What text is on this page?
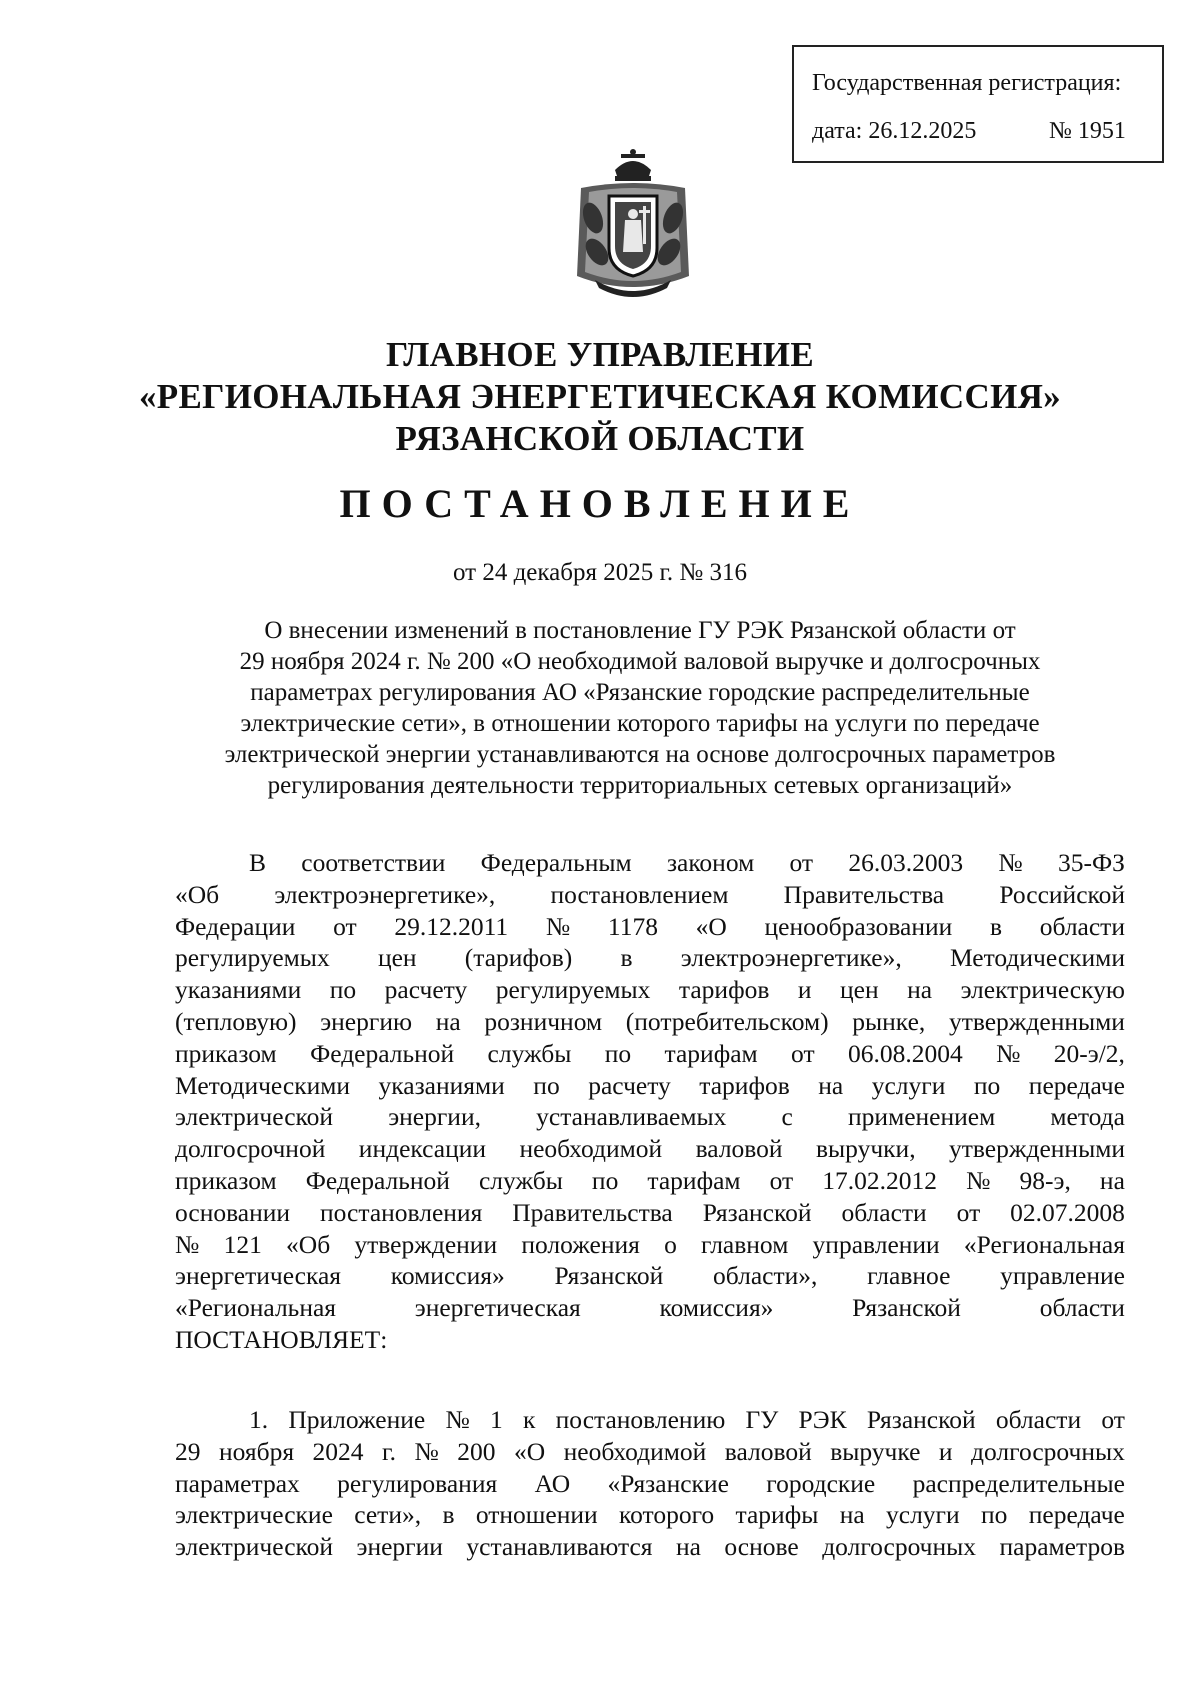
Государственная регистрация:
дата: 26.12.2025	№ 1951
ГЛАВНОЕ УПРАВЛЕНИЕ
«РЕГИОНАЛЬНАЯ ЭНЕРГЕТИЧЕСКАЯ КОМИССИЯ»
РЯЗАНСКОЙ ОБЛАСТИ
ПОСТАНОВЛЕНИЕ
от 24 декабря 2025 г. № 316
О внесении изменений в постановление ГУ РЭК Рязанской области от
29 ноября 2024 г. № 200 «О необходимой валовой выручке и долгосрочных
параметрах регулирования АО «Рязанские городские распределительные
электрические сети», в отношении которого тарифы на услуги по передаче
электрической энергии устанавливаются на основе долгосрочных параметров
регулирования деятельности территориальных сетевых организаций»
В соответствии Федеральным законом от 26.03.2003 № 35-ФЗ
«Об электроэнергетике», постановлением Правительства Российской
Федерации от 29.12.2011 № 1178 «О ценообразовании в области
регулируемых цен (тарифов) в электроэнергетике», Методическими
указаниями по расчету регулируемых тарифов и цен на электрическую
(тепловую) энергию на розничном (потребительском) рынке, утвержденными
приказом Федеральной службы по тарифам от 06.08.2004 № 20-э/2,
Методическими указаниями по расчету тарифов на услуги по передаче
электрической энергии, устанавливаемых с применением метода
долгосрочной индексации необходимой валовой выручки, утвержденными
приказом Федеральной службы по тарифам от 17.02.2012 № 98-э, на
основании постановления Правительства Рязанской области от 02.07.2008
№ 121 «Об утверждении положения о главном управлении «Региональная
энергетическая комиссия» Рязанской области», главное управление
«Региональная	энергетическая	комиссия»	Рязанской	области
ПОСТАНОВЛЯЕТ:
1. Приложение № 1 к постановлению ГУ РЭК Рязанской области от
29 ноября 2024 г. № 200 «О необходимой валовой выручке и долгосрочных
параметрах регулирования АО «Рязанские городские распределительные
электрические сети», в отношении которого тарифы на услуги по передаче
электрической энергии устанавливаются на основе долгосрочных параметров
